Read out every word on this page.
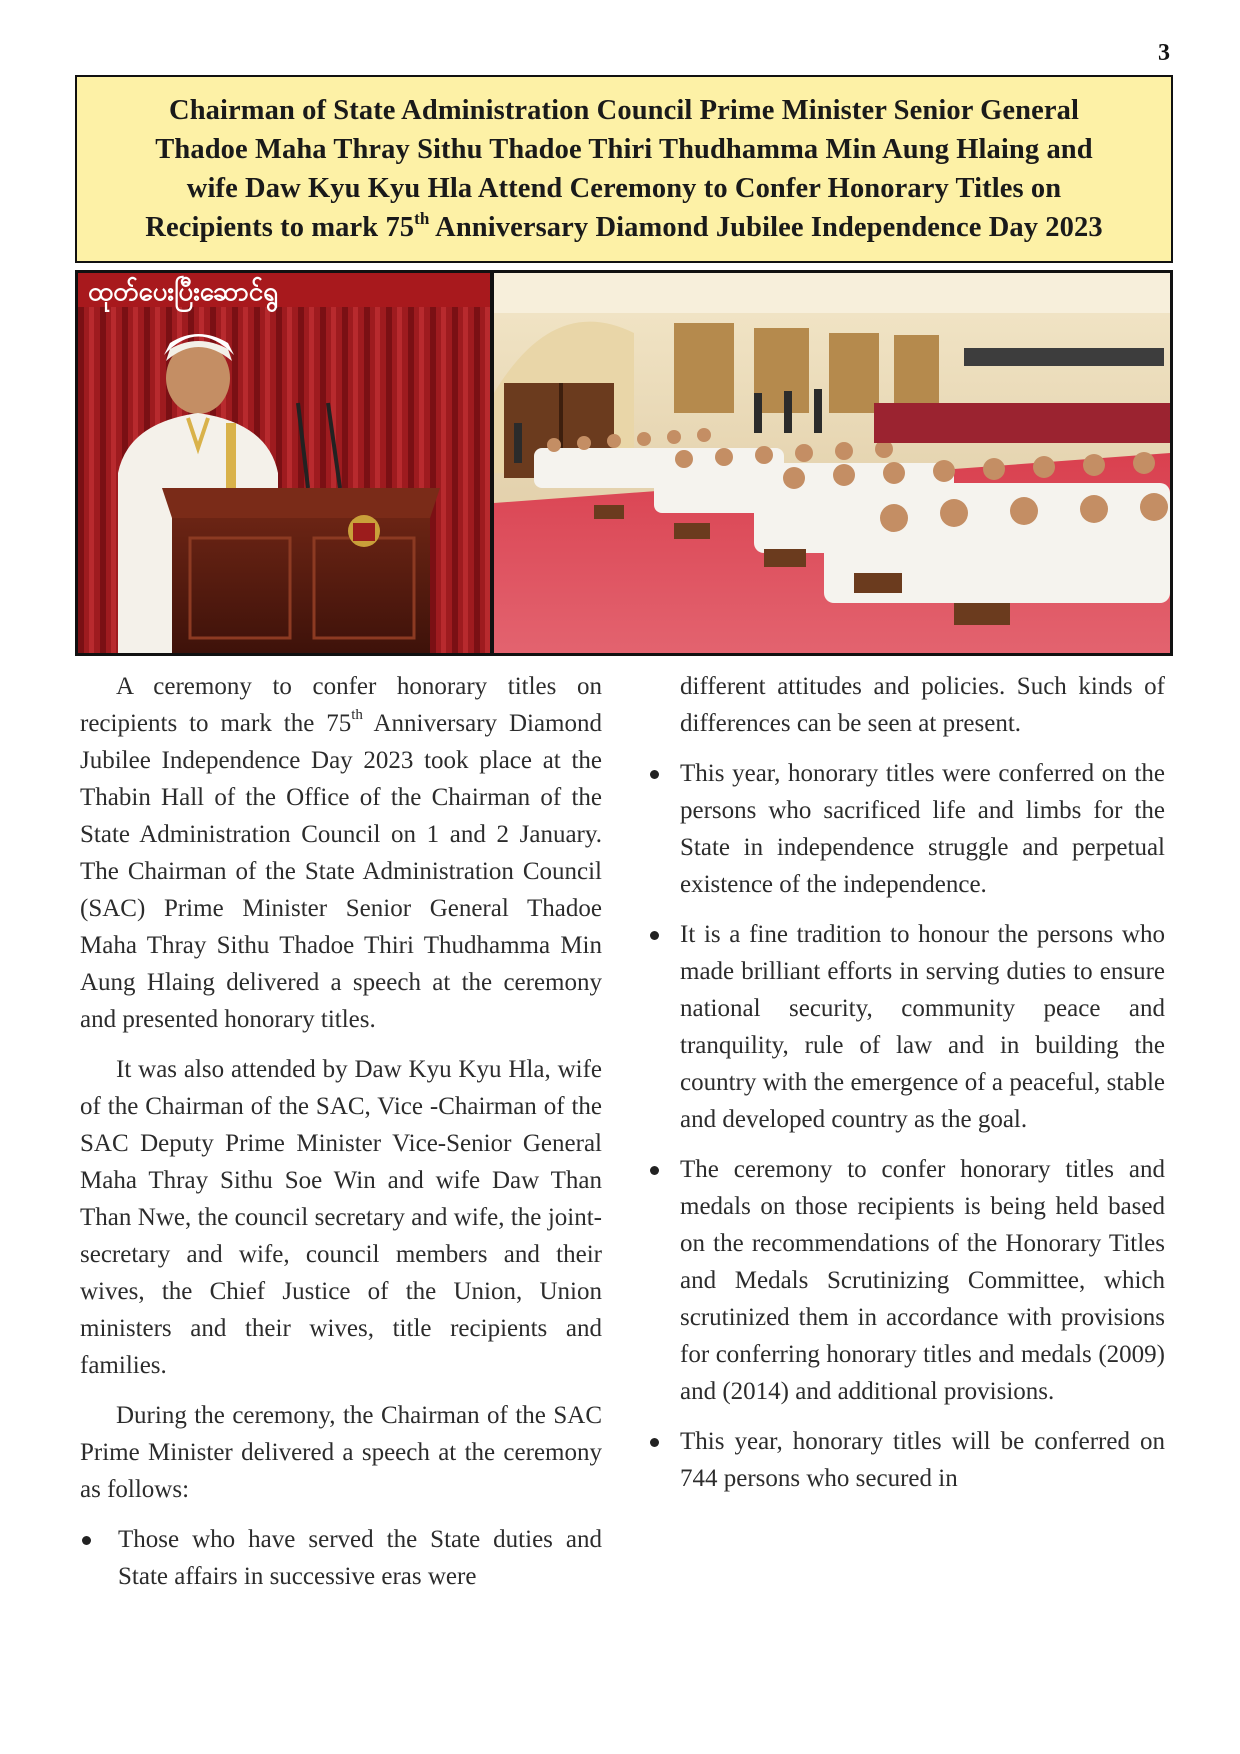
3
Chairman of State Administration Council Prime Minister Senior General
Thadoe Maha Thray Sithu Thadoe Thiri Thudhamma Min Aung Hlaing and
wife Daw Kyu Kyu Hla Attend Ceremony to Confer Honorary Titles on
Recipients to mark 75th Anniversary Diamond Jubilee Independence Day 2023
ထုတ်ပေးပြီးဆောင်ရွ

A ceremony to confer honorary titles on recipients to mark the 75th Anniversary Diamond Jubilee Independence Day 2023 took place at the Thabin Hall of the Office of the Chairman of the State Administration Council on 1 and 2 January. The Chairman of the State Administration Council (SAC) Prime Minister Senior General Thadoe Maha Thray Sithu Thadoe Thiri Thudhamma Min Aung Hlaing delivered a speech at the ceremony and presented honorary titles.

It was also attended by Daw Kyu Kyu Hla, wife of the Chairman of the SAC, Vice -Chairman of the SAC Deputy Prime Minister Vice-Senior General Maha Thray Sithu Soe Win and wife Daw Than Than Nwe, the council secretary and wife, the joint-secretary and wife, council members and their wives, the Chief Justice of the Union, Union ministers and their wives, title recipients and families.

During the ceremony, the Chairman of the SAC Prime Minister delivered a speech at the ceremony as follows:

Those who have served the State duties and State affairs in successive eras were

different attitudes and policies. Such kinds of differences can be seen at present.

This year, honorary titles were conferred on the persons who sacrificed life and limbs for the State in independence struggle and perpetual existence of the independence.
It is a fine tradition to honour the persons who made brilliant efforts in serving duties to ensure national security, community peace and tranquility, rule of law and in building the country with the emergence of a peaceful, stable and developed country as the goal.
The ceremony to confer honorary titles and medals on those recipients is being held based on the recommendations of the Honorary Titles and Medals Scrutinizing Committee, which scrutinized them in accordance with provisions for conferring honorary titles and medals (2009) and (2014) and additional provisions.
This year, honorary titles will be conferred on 744 persons who secured in
